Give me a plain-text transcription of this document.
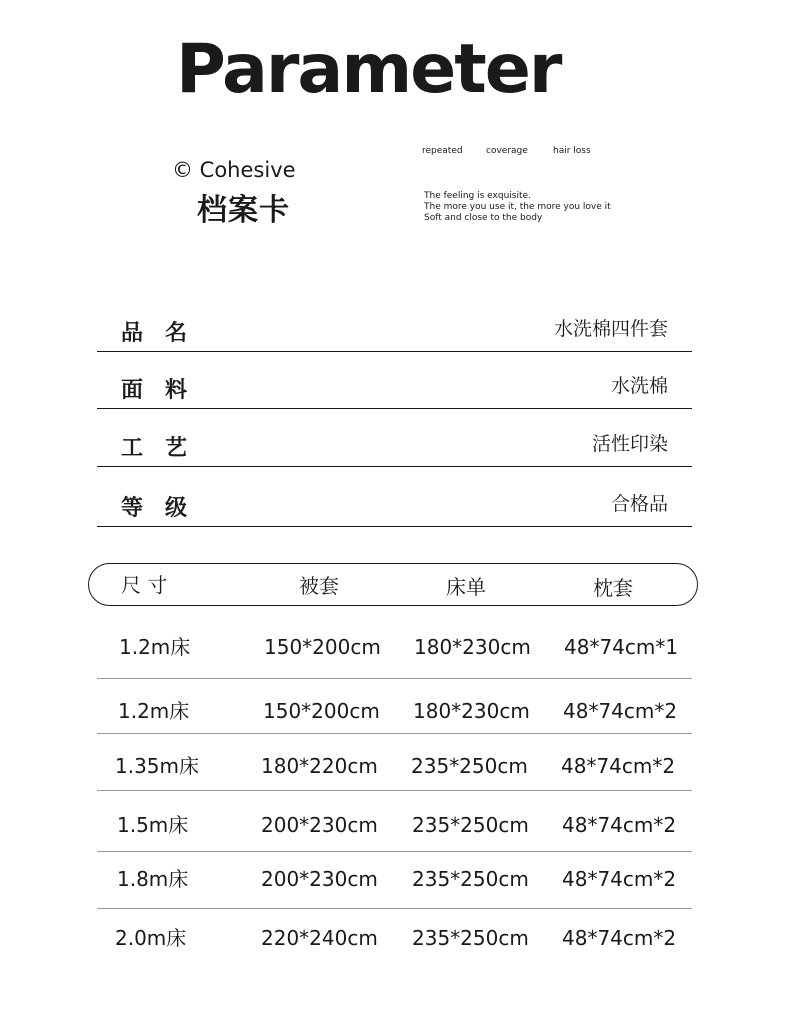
Parameter
© Cohesive
档案卡
repeated	coverage	hair loss
The feeling is exquisite.
The more you use it, the more you love it
Soft and close to the body
品名	水洗棉四件套
面料	水洗棉
工艺	活性印染
等级	合格品
尺 寸	被套	床单	枕套
1.2m床	150*200cm 180*230cm 48*74cm*1
1.2m床	150*200cm 180*230cm 48*74cm*2
1.35m床	180*220cm 235*250cm 48*74cm*2
1.5m床	200*230cm 235*250cm 48*74cm*2
1.8m床	200*230cm 235*250cm 48*74cm*2
2.0m床	220*240cm 235*250cm 48*74cm*2
